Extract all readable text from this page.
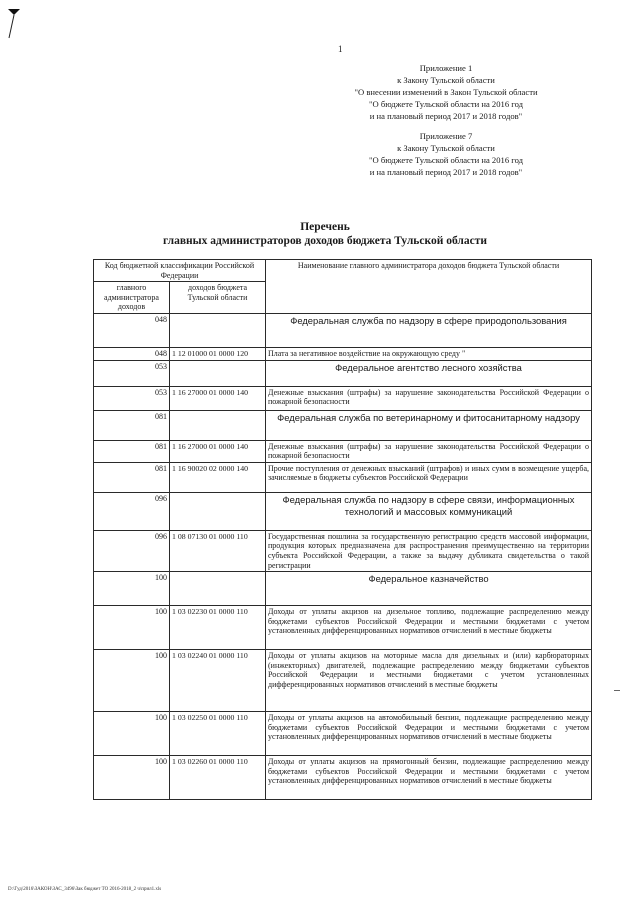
1
Приложение 1
к Закону Тульской области
"О внесении изменений в Закон Тульской области
"О бюджете Тульской области на 2016 год
и на плановый период 2017 и 2018 годов"
Приложение 7
к Закону Тульской области
"О бюджете Тульской области на 2016 год
и на плановый период 2017 и 2018 годов"
Перечень
главных администраторов доходов бюджета Тульской области
Код бюджетной классификации Российской Федерации		Наименование главного администратора доходов бюджета Тульской области
главного администратора доходов	доходов бюджета Тульской области	
048		Федеральная служба по надзору в сфере природопользования
048	1 12 01000 01 0000 120	Плата за негативное воздействие на окружающую среду "
053		Федеральное агентство лесного хозяйства
053	1 16 27000 01 0000 140	Денежные взыскания (штрафы) за нарушение законодательства Российской Федерации о пожарной безопасности
081		Федеральная служба по ветеринарному и фитосанитарному надзору
081	1 16 27000 01 0000 140	Денежные взыскания (штрафы) за нарушение законодательства Российской Федерации о пожарной безопасности
081	1 16 90020 02 0000 140	Прочие поступления от денежных взысканий (штрафов) и иных сумм в возмещение ущерба, зачисляемые в бюджеты субъектов Российской Федерации
096		Федеральная служба по надзору в сфере связи, информационных технологий и массовых коммуникаций
096	1 08 07130 01 0000 110	Государственная пошлина за государственную регистрацию средств массовой информации, продукция которых предназначена для распространения преимущественно на территории субъекта Российской Федерации, а также за выдачу дубликата свидетельства о такой регистрации
100		Федеральное казначейство
100	1 03 02230 01 0000 110	Доходы от уплаты акцизов на дизельное топливо, подлежащие распределению между бюджетами субъектов Российской Федерации и местными бюджетами с учетом установленных дифференцированных нормативов отчислений в местные бюджеты
100	1 03 02240 01 0000 110	Доходы от уплаты акцизов на моторные масла для дизельных и (или) карбюраторных (инжекторных) двигателей, подлежащие распределению между бюджетами субъектов Российской Федерации и местными бюджетами с учетом установленных дифференцированных нормативов отчислений в местные бюджеты
100	1 03 02250 01 0000 110	Доходы от уплаты акцизов на автомобильный бензин, подлежащие распределению между бюджетами субъектов Российской Федерации и местными бюджетами с учетом установленных дифференцированных нормативов отчислений в местные бюджеты
100	1 03 02260 01 0000 110	Доходы от уплаты акцизов на прямогонный бензин, подлежащие распределению между бюджетами субъектов Российской Федерации и местными бюджетами с учетом установленных дифференцированных нормативов отчислений в местные бюджеты
D:\Гуд\2016\ЗАКОН\ЗАС_3496\Зак бюджет ТО 2016-2018_2 ч\прил1.xls
